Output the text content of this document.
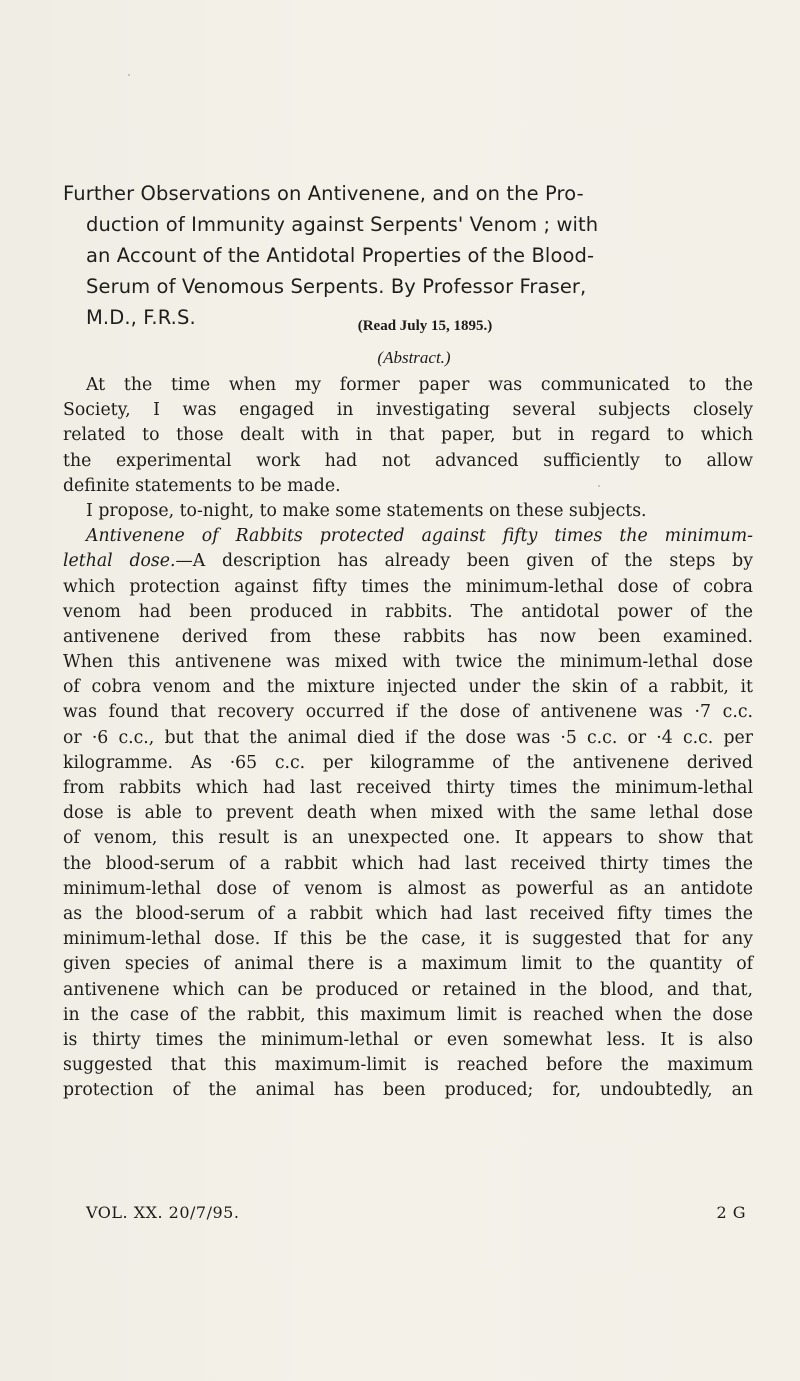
Further Observations on Antivenene, and on the Pro-
duction of Immunity against Serpents' Venom ; with
an Account of the Antidotal Properties of the Blood-
Serum of Venomous Serpents. By Professor Fraser,
M.D., F.R.S.	(Read July 15, 1895.)
(Abstract.)
At the time when my former paper was communicated to the
Society, I was engaged in investigating several subjects closely
related to those dealt with in that paper, but in regard to which
the experimental work had not advanced sufficiently to allow
definite statements to be made.
I propose, to-night, to make some statements on these subjects.
Antivenene of Rabbits protected against fifty times the minimum-
lethal dose.—A description has already been given of the steps by
which protection against fifty times the minimum-lethal dose of cobra
venom had been produced in rabbits. The antidotal power of the
antivenene derived from these rabbits has now been examined.
When this antivenene was mixed with twice the minimum-lethal dose
of cobra venom and the mixture injected under the skin of a rabbit, it
was found that recovery occurred if the dose of antivenene was ·7 c.c.
or ·6 c.c., but that the animal died if the dose was ·5 c.c. or ·4 c.c. per
kilogramme. As ·65 c.c. per kilogramme of the antivenene derived
from rabbits which had last received thirty times the minimum-lethal
dose is able to prevent death when mixed with the same lethal dose
of venom, this result is an unexpected one. It appears to show that
the blood-serum of a rabbit which had last received thirty times the
minimum-lethal dose of venom is almost as powerful as an antidote
as the blood-serum of a rabbit which had last received fifty times the
minimum-lethal dose. If this be the case, it is suggested that for any
given species of animal there is a maximum limit to the quantity of
antivenene which can be produced or retained in the blood, and that,
in the case of the rabbit, this maximum limit is reached when the dose
is thirty times the minimum-lethal or even somewhat less. It is also
suggested that this maximum-limit is reached before the maximum
protection of the animal has been produced; for, undoubtedly, an
VOL. XX. 20/7/95.	2 G
